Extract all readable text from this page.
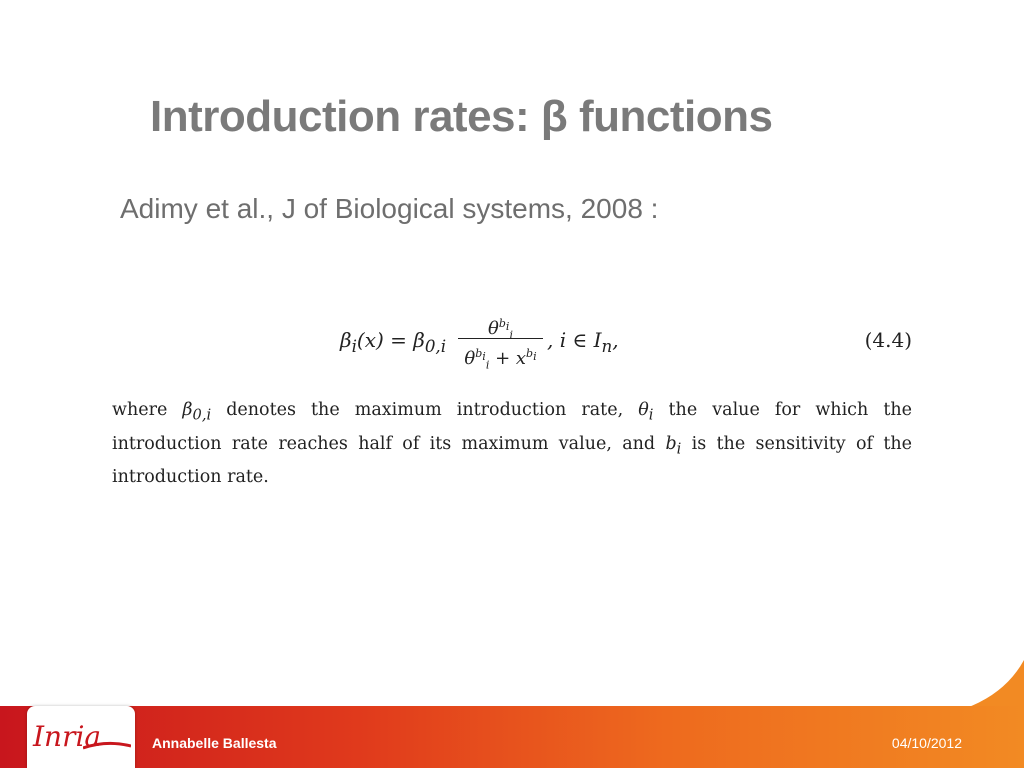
Introduction rates: β functions
Adimy et al., J of Biological systems, 2008 :
$\beta_i(x) = \beta_{0,i}$
$\theta^{b_i}_i$
$\theta^{b_i}_i + x^{b_i}$
, i ∈ $I_n$,	(4.4)
where $\beta_{0,i}$ denotes the maximum introduction rate, $\theta_i$ the value for which the introduction rate reaches half of its maximum value, and $b_i$ is the sensitivity of the introduction rate.
Inria	Annabelle Ballesta	04/10/2012
